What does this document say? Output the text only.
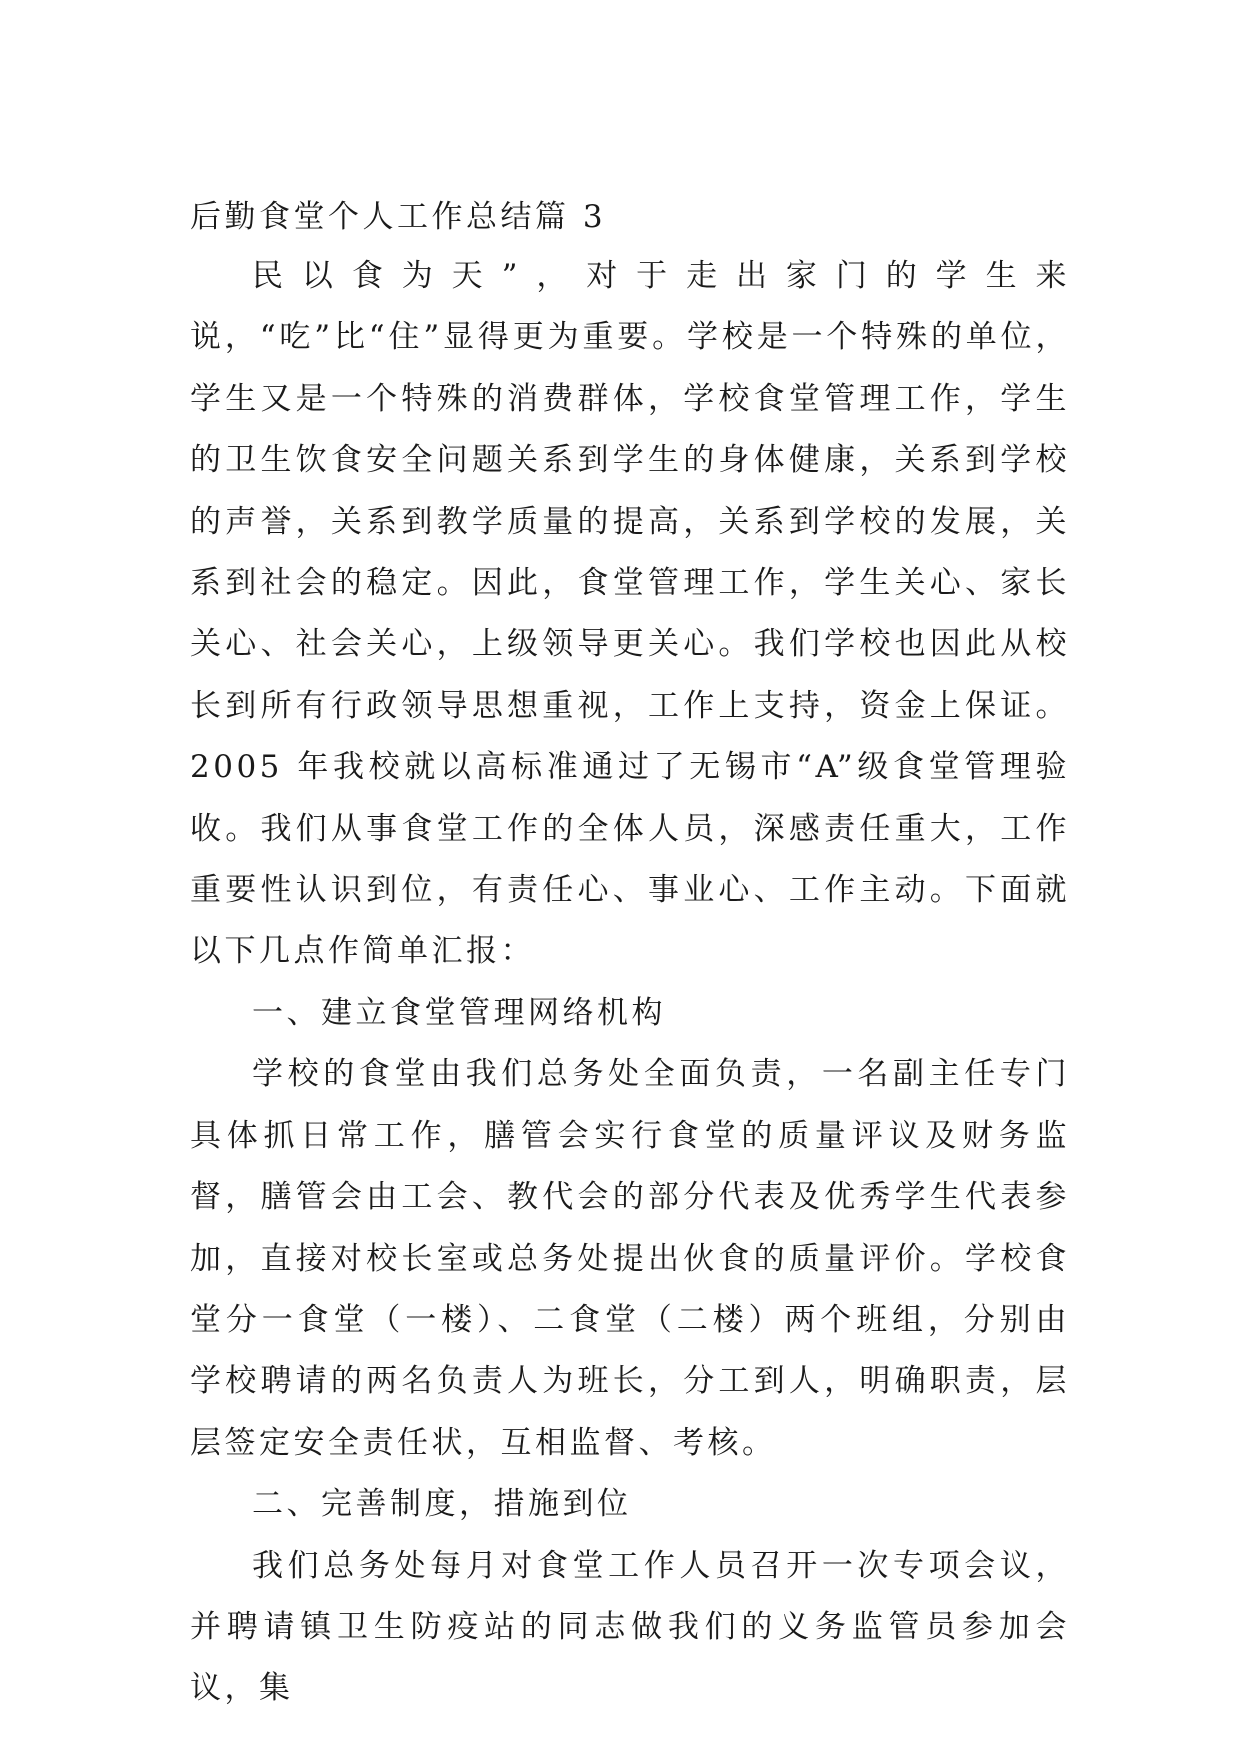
后勤食堂个人工作总结篇 3

民以食为天”，对于走出家门的学生来说，“吃”比“住”显得更为重要。学校是一个特殊的单位，学生又是一个特殊的消费群体，学校食堂管理工作，学生的卫生饮食安全问题关系到学生的身体健康，关系到学校的声誉，关系到教学质量的提高，关系到学校的发展，关系到社会的稳定。因此，食堂管理工作，学生关心、家长关心、社会关心，上级领导更关心。我们学校也因此从校长到所有行政领导思想重视，工作上支持，资金上保证。2005 年我校就以高标准通过了无锡市“A”级食堂管理验收。我们从事食堂工作的全体人员，深感责任重大，工作重要性认识到位，有责任心、事业心、工作主动。下面就以下几点作简单汇报：

一、建立食堂管理网络机构

学校的食堂由我们总务处全面负责，一名副主任专门具体抓日常工作，膳管会实行食堂的质量评议及财务监督，膳管会由工会、教代会的部分代表及优秀学生代表参加，直接对校长室或总务处提出伙食的质量评价。学校食堂分一食堂（一楼）、二食堂（二楼）两个班组，分别由学校聘请的两名负责人为班长，分工到人，明确职责，层层签定安全责任状，互相监督、考核。

二、完善制度，措施到位

我们总务处每月对食堂工作人员召开一次专项会议，并聘请镇卫生防疫站的同志做我们的义务监管员参加会议，集
